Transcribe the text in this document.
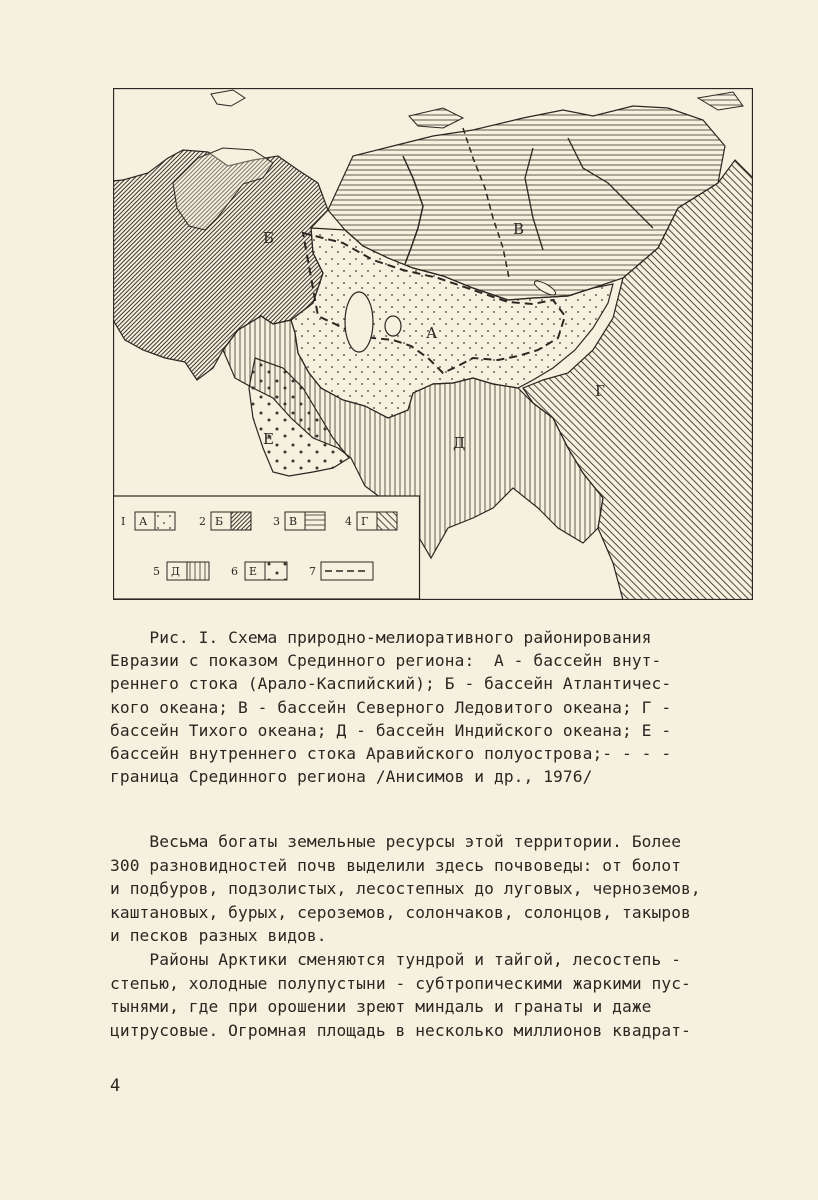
Б	В
А
Г
Д
Е
I А	2 Б	3 В	4 Г
5 Д	6 Е	7
Рис. I. Схема природно-мелиоративного районирования
Евразии с показом Срединного региона:  А - бассейн внут-
реннего стока (Арало-Каспийский); Б - бассейн Атлантичес-
кого океана; В - бассейн Северного Ледовитого океана; Г -
бассейн Тихого океана; Д - бассейн Индийского океана; Е -
бассейн внутреннего стока Аравийского полуострова;- - - -
граница Срединного региона /Анисимов и др., 1976/
Весьма богаты земельные ресурсы этой территории. Более
300 разновидностей почв выделили здесь почвоведы: от болот
и подбуров, подзолистых, лесостепных до луговых, черноземов,
каштановых, бурых, сероземов, солончаков, солонцов, такыров
и песков разных видов.
Районы Арктики сменяются тундрой и тайгой, лесостепь -
степью, холодные полупустыни - субтропическими жаркими пус-
тынями, где при орошении зреют миндаль и гранаты и даже
цитрусовые. Огромная площадь в несколько миллионов квадрат-
4
